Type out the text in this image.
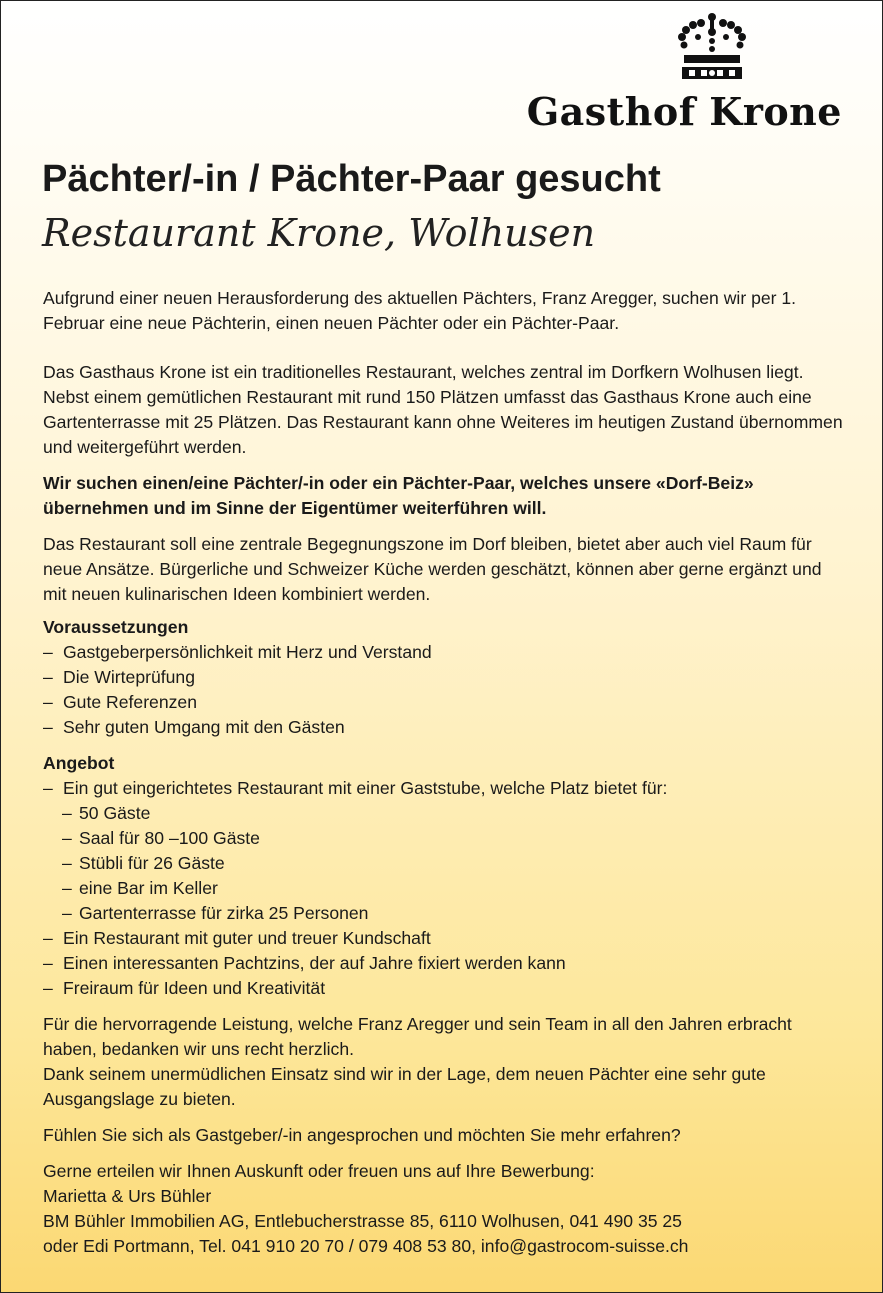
Gasthof Krone
Pächter/-in / Pächter-Paar gesucht
Restaurant Krone, Wolhusen

Aufgrund einer neuen Herausforderung des aktuellen Pächters, Franz Aregger, suchen wir per 1. Februar eine neue Pächterin, einen neuen Pächter oder ein Pächter-Paar.

Das Gasthaus Krone ist ein traditionelles Restaurant, welches zentral im Dorfkern Wolhusen liegt. Nebst einem gemütlichen Restaurant mit rund 150 Plätzen umfasst das Gasthaus Krone auch eine Gartenterrasse mit 25 Plätzen. Das Restaurant kann ohne Weiteres im heutigen Zustand übernommen und weitergeführt werden.

Wir suchen einen/eine Pächter/-in oder ein Pächter-Paar, welches unsere «Dorf-Beiz» übernehmen und im Sinne der Eigentümer weiterführen will.

Das Restaurant soll eine zentrale Begegnungszone im Dorf bleiben, bietet aber auch viel Raum für neue Ansätze. Bürgerliche und Schweizer Küche werden geschätzt, können aber gerne ergänzt und mit neuen kulinarischen Ideen kombiniert werden.

Voraussetzungen
– Gastgeberpersönlichkeit mit Herz und Verstand
– Die Wirteprüfung
– Gute Referenzen
– Sehr guten Umgang mit den Gästen
Angebot
– Ein gut eingerichtetes Restaurant mit einer Gaststube, welche Platz bietet für:
– 50 Gäste
– Saal für 80 –100 Gäste
– Stübli für 26 Gäste
– eine Bar im Keller
– Gartenterrasse für zirka 25 Personen
– Ein Restaurant mit guter und treuer Kundschaft
– Einen interessanten Pachtzins, der auf Jahre fixiert werden kann
– Freiraum für Ideen und Kreativität

Für die hervorragende Leistung, welche Franz Aregger und sein Team in all den Jahren erbracht haben, bedanken wir uns recht herzlich.

Dank seinem unermüdlichen Einsatz sind wir in der Lage, dem neuen Pächter eine sehr gute Ausgangslage zu bieten.

Fühlen Sie sich als Gastgeber/-in angesprochen und möchten Sie mehr erfahren?

Gerne erteilen wir Ihnen Auskunft oder freuen uns auf Ihre Bewerbung:

Marietta & Urs Bühler

BM Bühler Immobilien AG, Entlebucherstrasse 85, 6110 Wolhusen, 041 490 35 25

oder Edi Portmann, Tel. 041 910 20 70 / 079 408 53 80, info@gastrocom-suisse.ch
